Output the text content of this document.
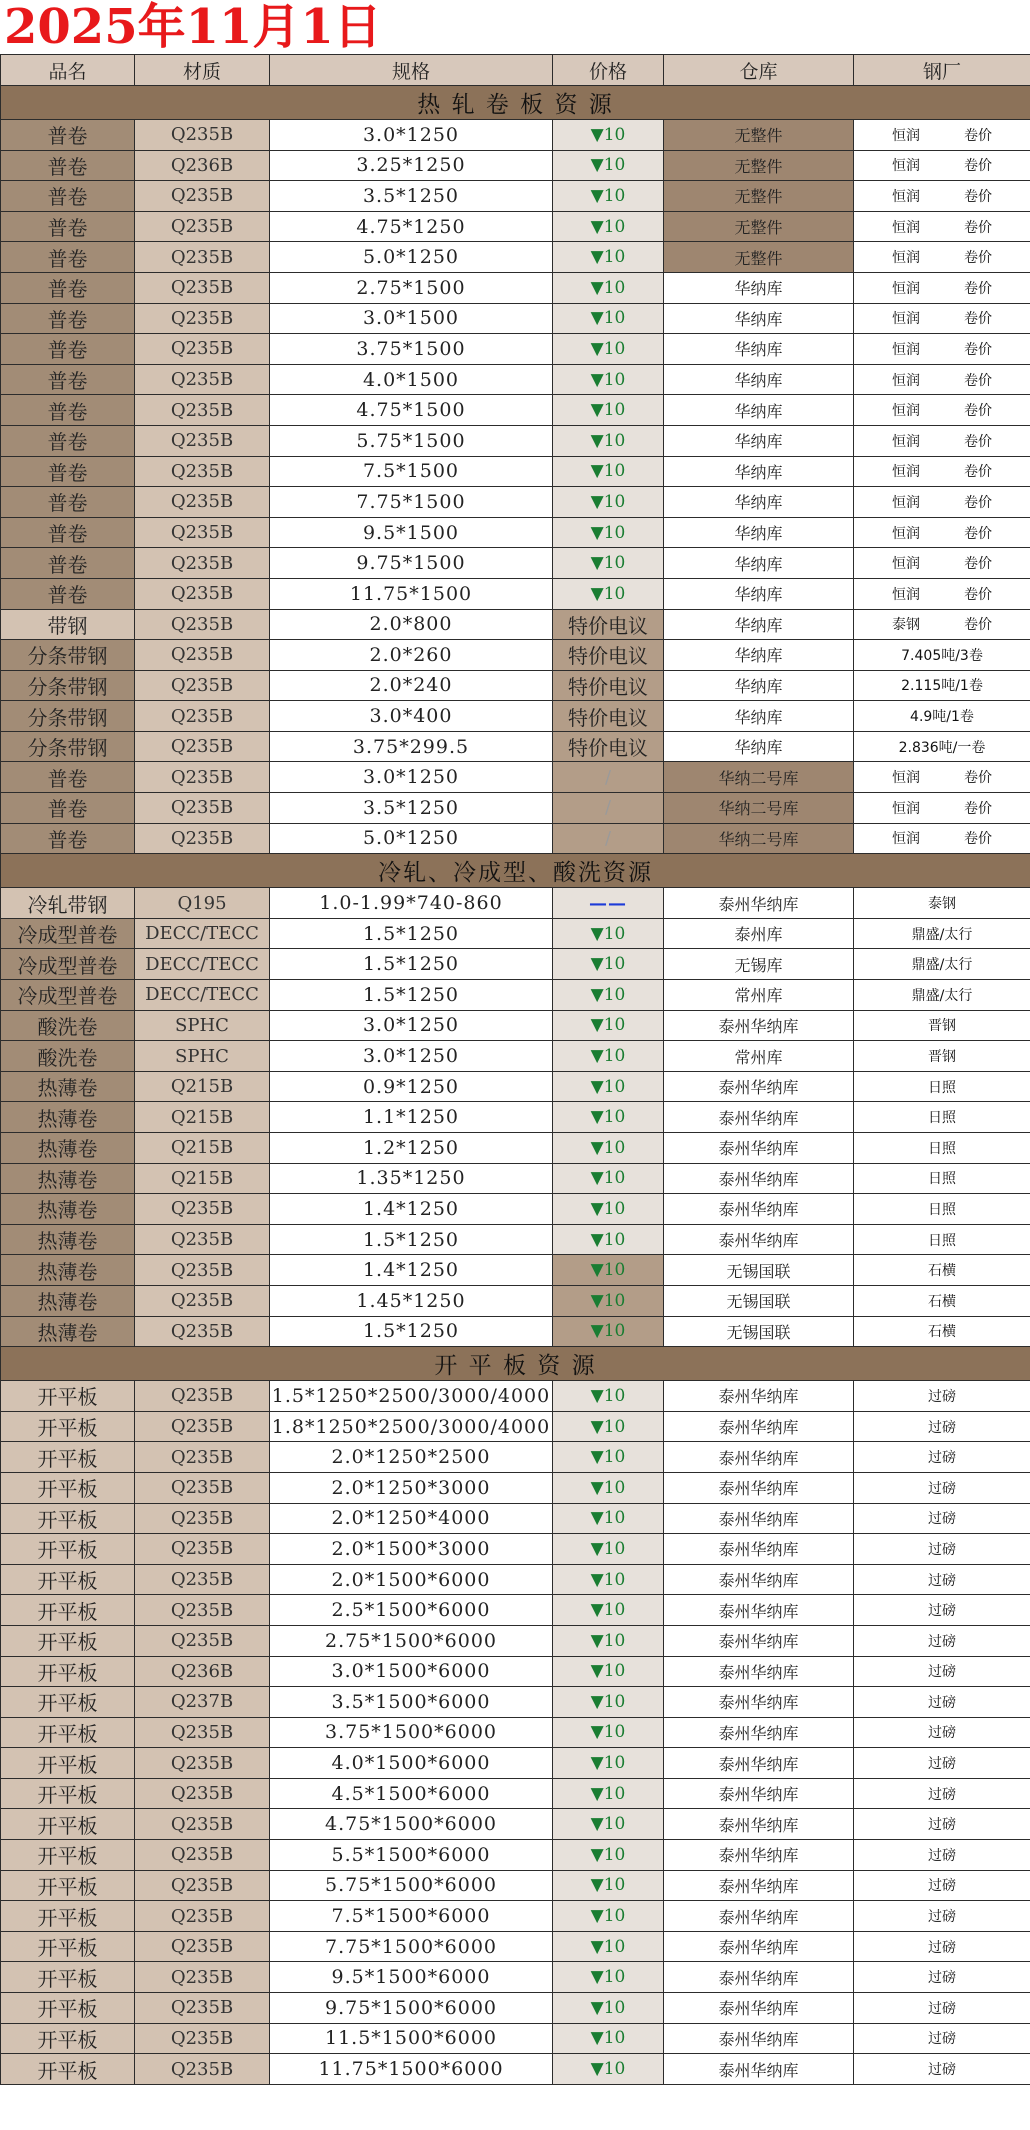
2025年11月1日
品名	材质	规格	价格	仓库	钢厂
热 轧 卷 板 资 源					
普卷	Q235B	3.0*1250	▼10	无整件	恒润 卷价
普卷	Q236B	3.25*1250	▼10	无整件	恒润 卷价
普卷	Q235B	3.5*1250	▼10	无整件	恒润 卷价
普卷	Q235B	4.75*1250	▼10	无整件	恒润 卷价
普卷	Q235B	5.0*1250	▼10	无整件	恒润 卷价
普卷	Q235B	2.75*1500	▼10	华纳库	恒润 卷价
普卷	Q235B	3.0*1500	▼10	华纳库	恒润 卷价
普卷	Q235B	3.75*1500	▼10	华纳库	恒润 卷价
普卷	Q235B	4.0*1500	▼10	华纳库	恒润 卷价
普卷	Q235B	4.75*1500	▼10	华纳库	恒润 卷价
普卷	Q235B	5.75*1500	▼10	华纳库	恒润 卷价
普卷	Q235B	7.5*1500	▼10	华纳库	恒润 卷价
普卷	Q235B	7.75*1500	▼10	华纳库	恒润 卷价
普卷	Q235B	9.5*1500	▼10	华纳库	恒润 卷价
普卷	Q235B	9.75*1500	▼10	华纳库	恒润 卷价
普卷	Q235B	11.75*1500	▼10	华纳库	恒润 卷价
带钢	Q235B	2.0*800	特价电议	华纳库	泰钢 卷价
分条带钢	Q235B	2.0*260	特价电议	华纳库	7.405吨/3卷
分条带钢	Q235B	2.0*240	特价电议	华纳库	2.115吨/1卷
分条带钢	Q235B	3.0*400	特价电议	华纳库	4.9吨/1卷
分条带钢	Q235B	3.75*299.5	特价电议	华纳库	2.836吨/一卷
普卷	Q235B	3.0*1250	/	华纳二号库	恒润 卷价
普卷	Q235B	3.5*1250	/	华纳二号库	恒润 卷价
普卷	Q235B	5.0*1250	/	华纳二号库	恒润 卷价
冷轧、冷成型、酸洗资源					
冷轧带钢	Q195	1.0-1.99*740-860	——	泰州华纳库	泰钢
冷成型普卷	DECC/TECC	1.5*1250	▼10	泰州库	鼎盛/太行
冷成型普卷	DECC/TECC	1.5*1250	▼10	无锡库	鼎盛/太行
冷成型普卷	DECC/TECC	1.5*1250	▼10	常州库	鼎盛/太行
酸洗卷	SPHC	3.0*1250	▼10	泰州华纳库	晋钢
酸洗卷	SPHC	3.0*1250	▼10	常州库	晋钢
热薄卷	Q215B	0.9*1250	▼10	泰州华纳库	日照
热薄卷	Q215B	1.1*1250	▼10	泰州华纳库	日照
热薄卷	Q215B	1.2*1250	▼10	泰州华纳库	日照
热薄卷	Q215B	1.35*1250	▼10	泰州华纳库	日照
热薄卷	Q235B	1.4*1250	▼10	泰州华纳库	日照
热薄卷	Q235B	1.5*1250	▼10	泰州华纳库	日照
热薄卷	Q235B	1.4*1250	▼10	无锡国联	石横
热薄卷	Q235B	1.45*1250	▼10	无锡国联	石横
热薄卷	Q235B	1.5*1250	▼10	无锡国联	石横
开 平 板 资 源					
开平板	Q235B	1.5*1250*2500/3000/4000	▼10	泰州华纳库	过磅
开平板	Q235B	1.8*1250*2500/3000/4000	▼10	泰州华纳库	过磅
开平板	Q235B	2.0*1250*2500	▼10	泰州华纳库	过磅
开平板	Q235B	2.0*1250*3000	▼10	泰州华纳库	过磅
开平板	Q235B	2.0*1250*4000	▼10	泰州华纳库	过磅
开平板	Q235B	2.0*1500*3000	▼10	泰州华纳库	过磅
开平板	Q235B	2.0*1500*6000	▼10	泰州华纳库	过磅
开平板	Q235B	2.5*1500*6000	▼10	泰州华纳库	过磅
开平板	Q235B	2.75*1500*6000	▼10	泰州华纳库	过磅
开平板	Q236B	3.0*1500*6000	▼10	泰州华纳库	过磅
开平板	Q237B	3.5*1500*6000	▼10	泰州华纳库	过磅
开平板	Q235B	3.75*1500*6000	▼10	泰州华纳库	过磅
开平板	Q235B	4.0*1500*6000	▼10	泰州华纳库	过磅
开平板	Q235B	4.5*1500*6000	▼10	泰州华纳库	过磅
开平板	Q235B	4.75*1500*6000	▼10	泰州华纳库	过磅
开平板	Q235B	5.5*1500*6000	▼10	泰州华纳库	过磅
开平板	Q235B	5.75*1500*6000	▼10	泰州华纳库	过磅
开平板	Q235B	7.5*1500*6000	▼10	泰州华纳库	过磅
开平板	Q235B	7.75*1500*6000	▼10	泰州华纳库	过磅
开平板	Q235B	9.5*1500*6000	▼10	泰州华纳库	过磅
开平板	Q235B	9.75*1500*6000	▼10	泰州华纳库	过磅
开平板	Q235B	11.5*1500*6000	▼10	泰州华纳库	过磅
开平板	Q235B	11.75*1500*6000	▼10	泰州华纳库	过磅
